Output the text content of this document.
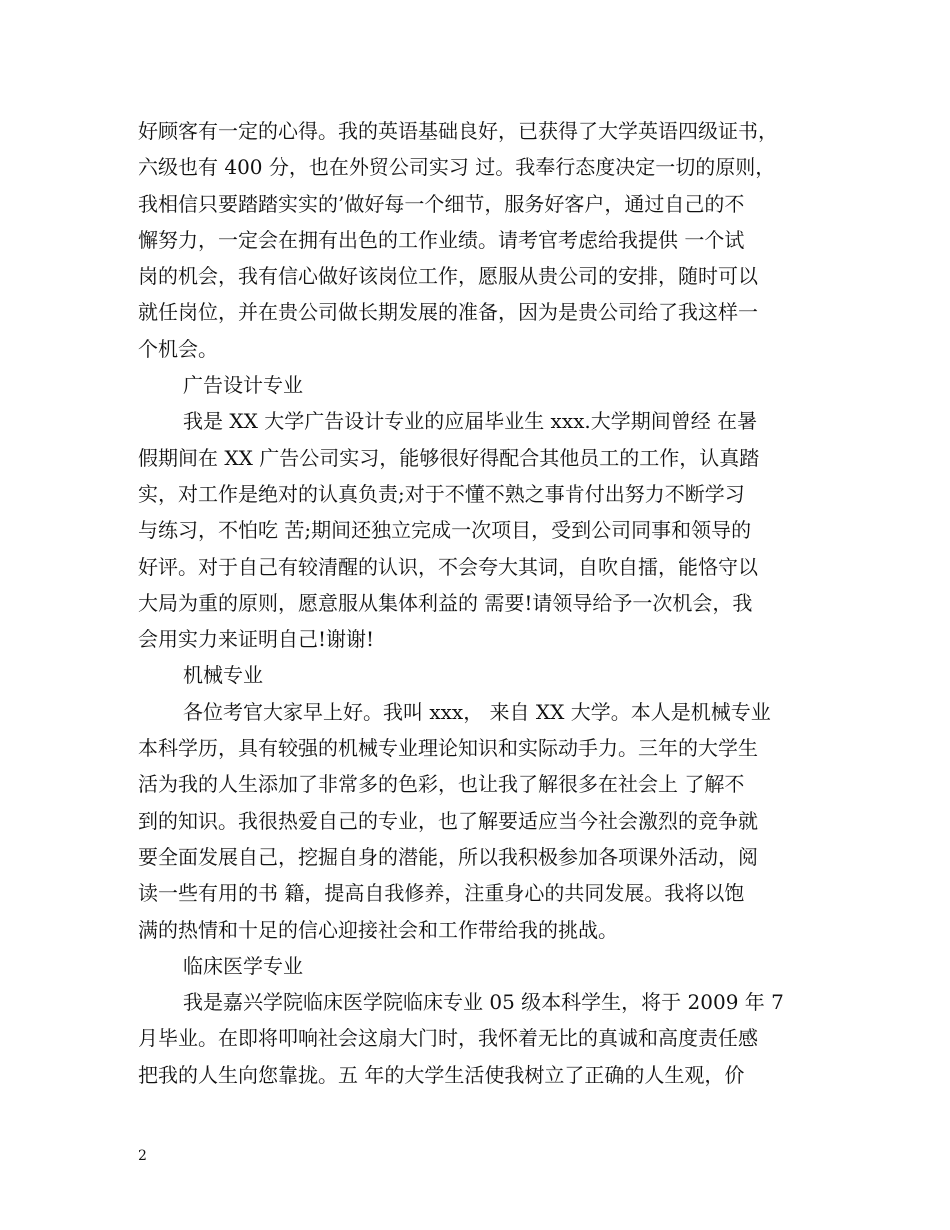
好顾客有一定的心得。我的英语基础良好，已获得了大学英语四级证书，
六级也有 400 分，也在外贸公司实习 过。我奉行态度决定一切的原则，
我相信只要踏踏实实的’做好每一个细节，服务好客户，通过自己的不
懈努力，一定会在拥有出色的工作业绩。请考官考虑给我提供 一个试
岗的机会，我有信心做好该岗位工作，愿服从贵公司的安排，随时可以
就任岗位，并在贵公司做长期发展的准备，因为是贵公司给了我这样一
个机会。
广告设计专业
我是 XX 大学广告设计专业的应届毕业生 xxx.大学期间曾经 在暑
假期间在 XX 广告公司实习，能够很好得配合其他员工的工作，认真踏
实，对工作是绝对的认真负责;对于不懂不熟之事肯付出努力不断学习
与练习，不怕吃 苦;期间还独立完成一次项目，受到公司同事和领导的
好评。对于自己有较清醒的认识，不会夸大其词，自吹自擂，能恪守以
大局为重的原则，愿意服从集体利益的 需要!请领导给予一次机会，我
会用实力来证明自己!谢谢!
机械专业
各位考官大家早上好。我叫 xxx， 来自 XX 大学。本人是机械专业
本科学历，具有较强的机械专业理论知识和实际动手力。三年的大学生
活为我的人生添加了非常多的色彩，也让我了解很多在社会上 了解不
到的知识。我很热爱自己的专业，也了解要适应当今社会激烈的竞争就
要全面发展自己，挖掘自身的潜能，所以我积极参加各项课外活动，阅
读一些有用的书 籍，提高自我修养，注重身心的共同发展。我将以饱
满的热情和十足的信心迎接社会和工作带给我的挑战。
临床医学专业
我是嘉兴学院临床医学院临床专业 05 级本科学生，将于 2009 年 7
月毕业。在即将叩响社会这扇大门时，我怀着无比的真诚和高度责任感
把我的人生向您靠拢。五 年的大学生活使我树立了正确的人生观，价
2
